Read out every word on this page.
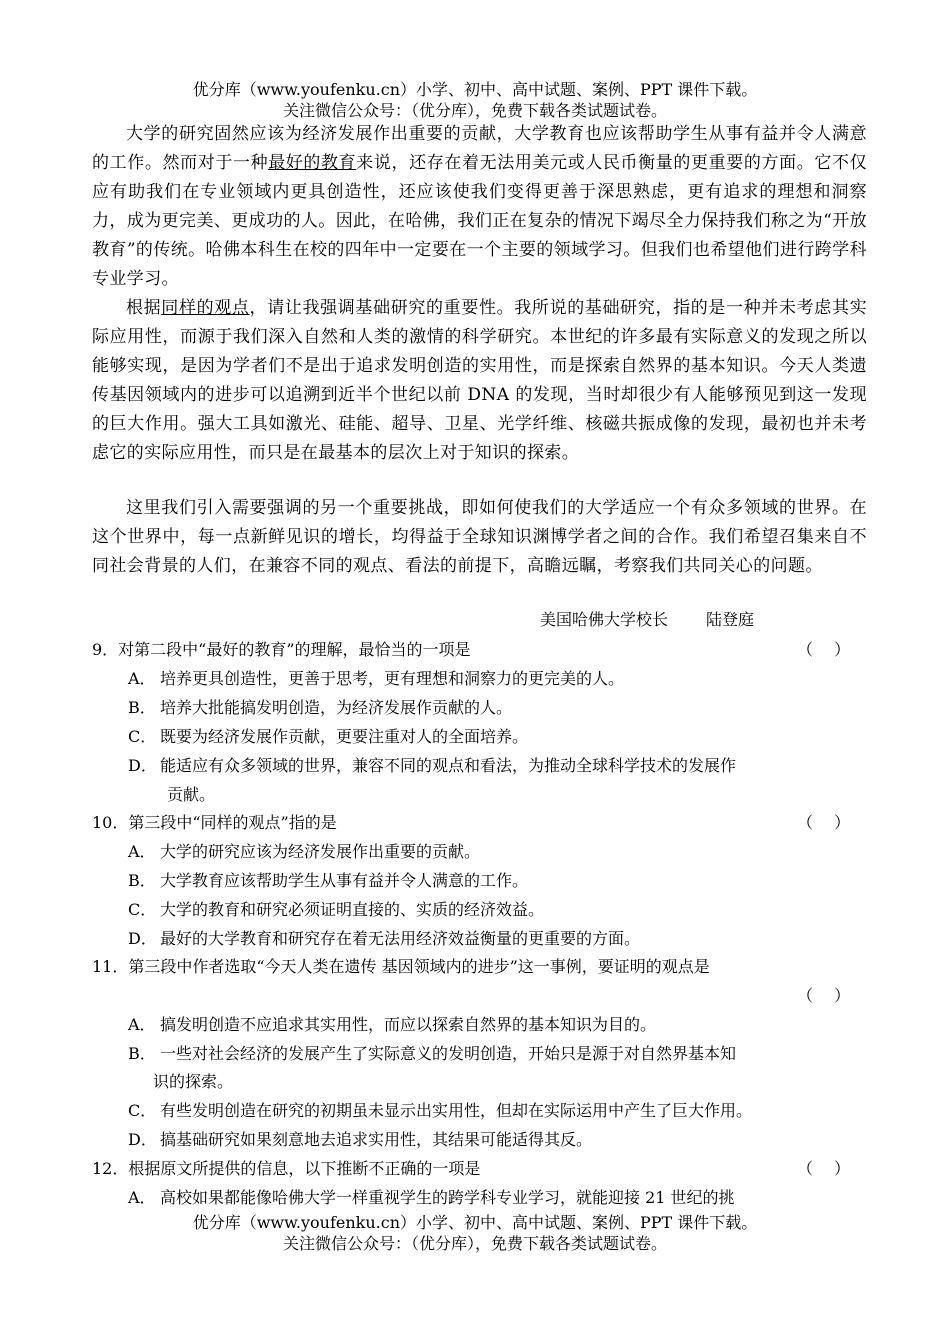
优分库（www.youfenku.cn）小学、初中、高中试题、案例、PPT 课件下载。
关注微信公众号：（优分库），免费下载各类试题试卷。
大学的研究固然应该为经济发展作出重要的贡献，大学教育也应该帮助学生从事有益并令人满意的工作。然而对于一种最好的教育来说，还存在着无法用美元或人民币衡量的更重要的方面。它不仅应有助我们在专业领域内更具创造性，还应该使我们变得更善于深思熟虑，更有追求的理想和洞察力，成为更完美、更成功的人。因此，在哈佛，我们正在复杂的情况下竭尽全力保持我们称之为“开放教育”的传统。哈佛本科生在校的四年中一定要在一个主要的领域学习。但我们也希望他们进行跨学科专业学习。
根据同样的观点，请让我强调基础研究的重要性。我所说的基础研究，指的是一种并未考虑其实际应用性，而源于我们深入自然和人类的激情的科学研究。本世纪的许多最有实际意义的发现之所以能够实现，是因为学者们不是出于追求发明创造的实用性，而是探索自然界的基本知识。今天人类遗传基因领域内的进步可以追溯到近半个世纪以前 DNA 的发现，当时却很少有人能够预见到这一发现的巨大作用。强大工具如激光、硅能、超导、卫星、光学纤维、核磁共振成像的发现，最初也并未考虑它的实际应用性，而只是在最基本的层次上对于知识的探索。
这里我们引入需要强调的另一个重要挑战，即如何使我们的大学适应一个有众多领域的世界。在这个世界中，每一点新鲜见识的增长，均得益于全球知识渊博学者之间的合作。我们希望召集来自不同社会背景的人们，在兼容不同的观点、看法的前提下，高瞻远瞩，考察我们共同关心的问题。
美国哈佛大学校长 陆登庭
9．对第二段中“最好的教育”的理解，最恰当的一项是	（　 ）
A． 培养更具创造性，更善于思考，更有理想和洞察力的更完美的人。
B． 培养大批能搞发明创造，为经济发展作贡献的人。
C． 既要为经济发展作贡献，更要注重对人的全面培养。
D． 能适应有众多领域的世界，兼容不同的观点和看法，为推动全球科学技术的发展作
贡献。
10．第三段中“同样的观点”指的是	（　 ）
A． 大学的研究应该为经济发展作出重要的贡献。
B． 大学教育应该帮助学生从事有益并令人满意的工作。
C． 大学的教育和研究必须证明直接的、实质的经济效益。
D． 最好的大学教育和研究存在着无法用经济效益衡量的更重要的方面。
11．第三段中作者选取“今天人类在遗传 基因领域内的进步”这一事例，要证明的观点是
（　 ）
A． 搞发明创造不应追求其实用性，而应以探索自然界的基本知识为目的。
B． 一些对社会经济的发展产生了实际意义的发明创造，开始只是源于对自然界基本知
识的探索。
C． 有些发明创造在研究的初期虽未显示出实用性，但却在实际运用中产生了巨大作用。
D． 搞基础研究如果刻意地去追求实用性，其结果可能适得其反。
12．根据原文所提供的信息，以下推断不正确的一项是	（　 ）
A． 高校如果都能像哈佛大学一样重视学生的跨学科专业学习，就能迎接 21 世纪的挑
优分库（www.youfenku.cn）小学、初中、高中试题、案例、PPT 课件下载。
关注微信公众号：（优分库），免费下载各类试题试卷。
